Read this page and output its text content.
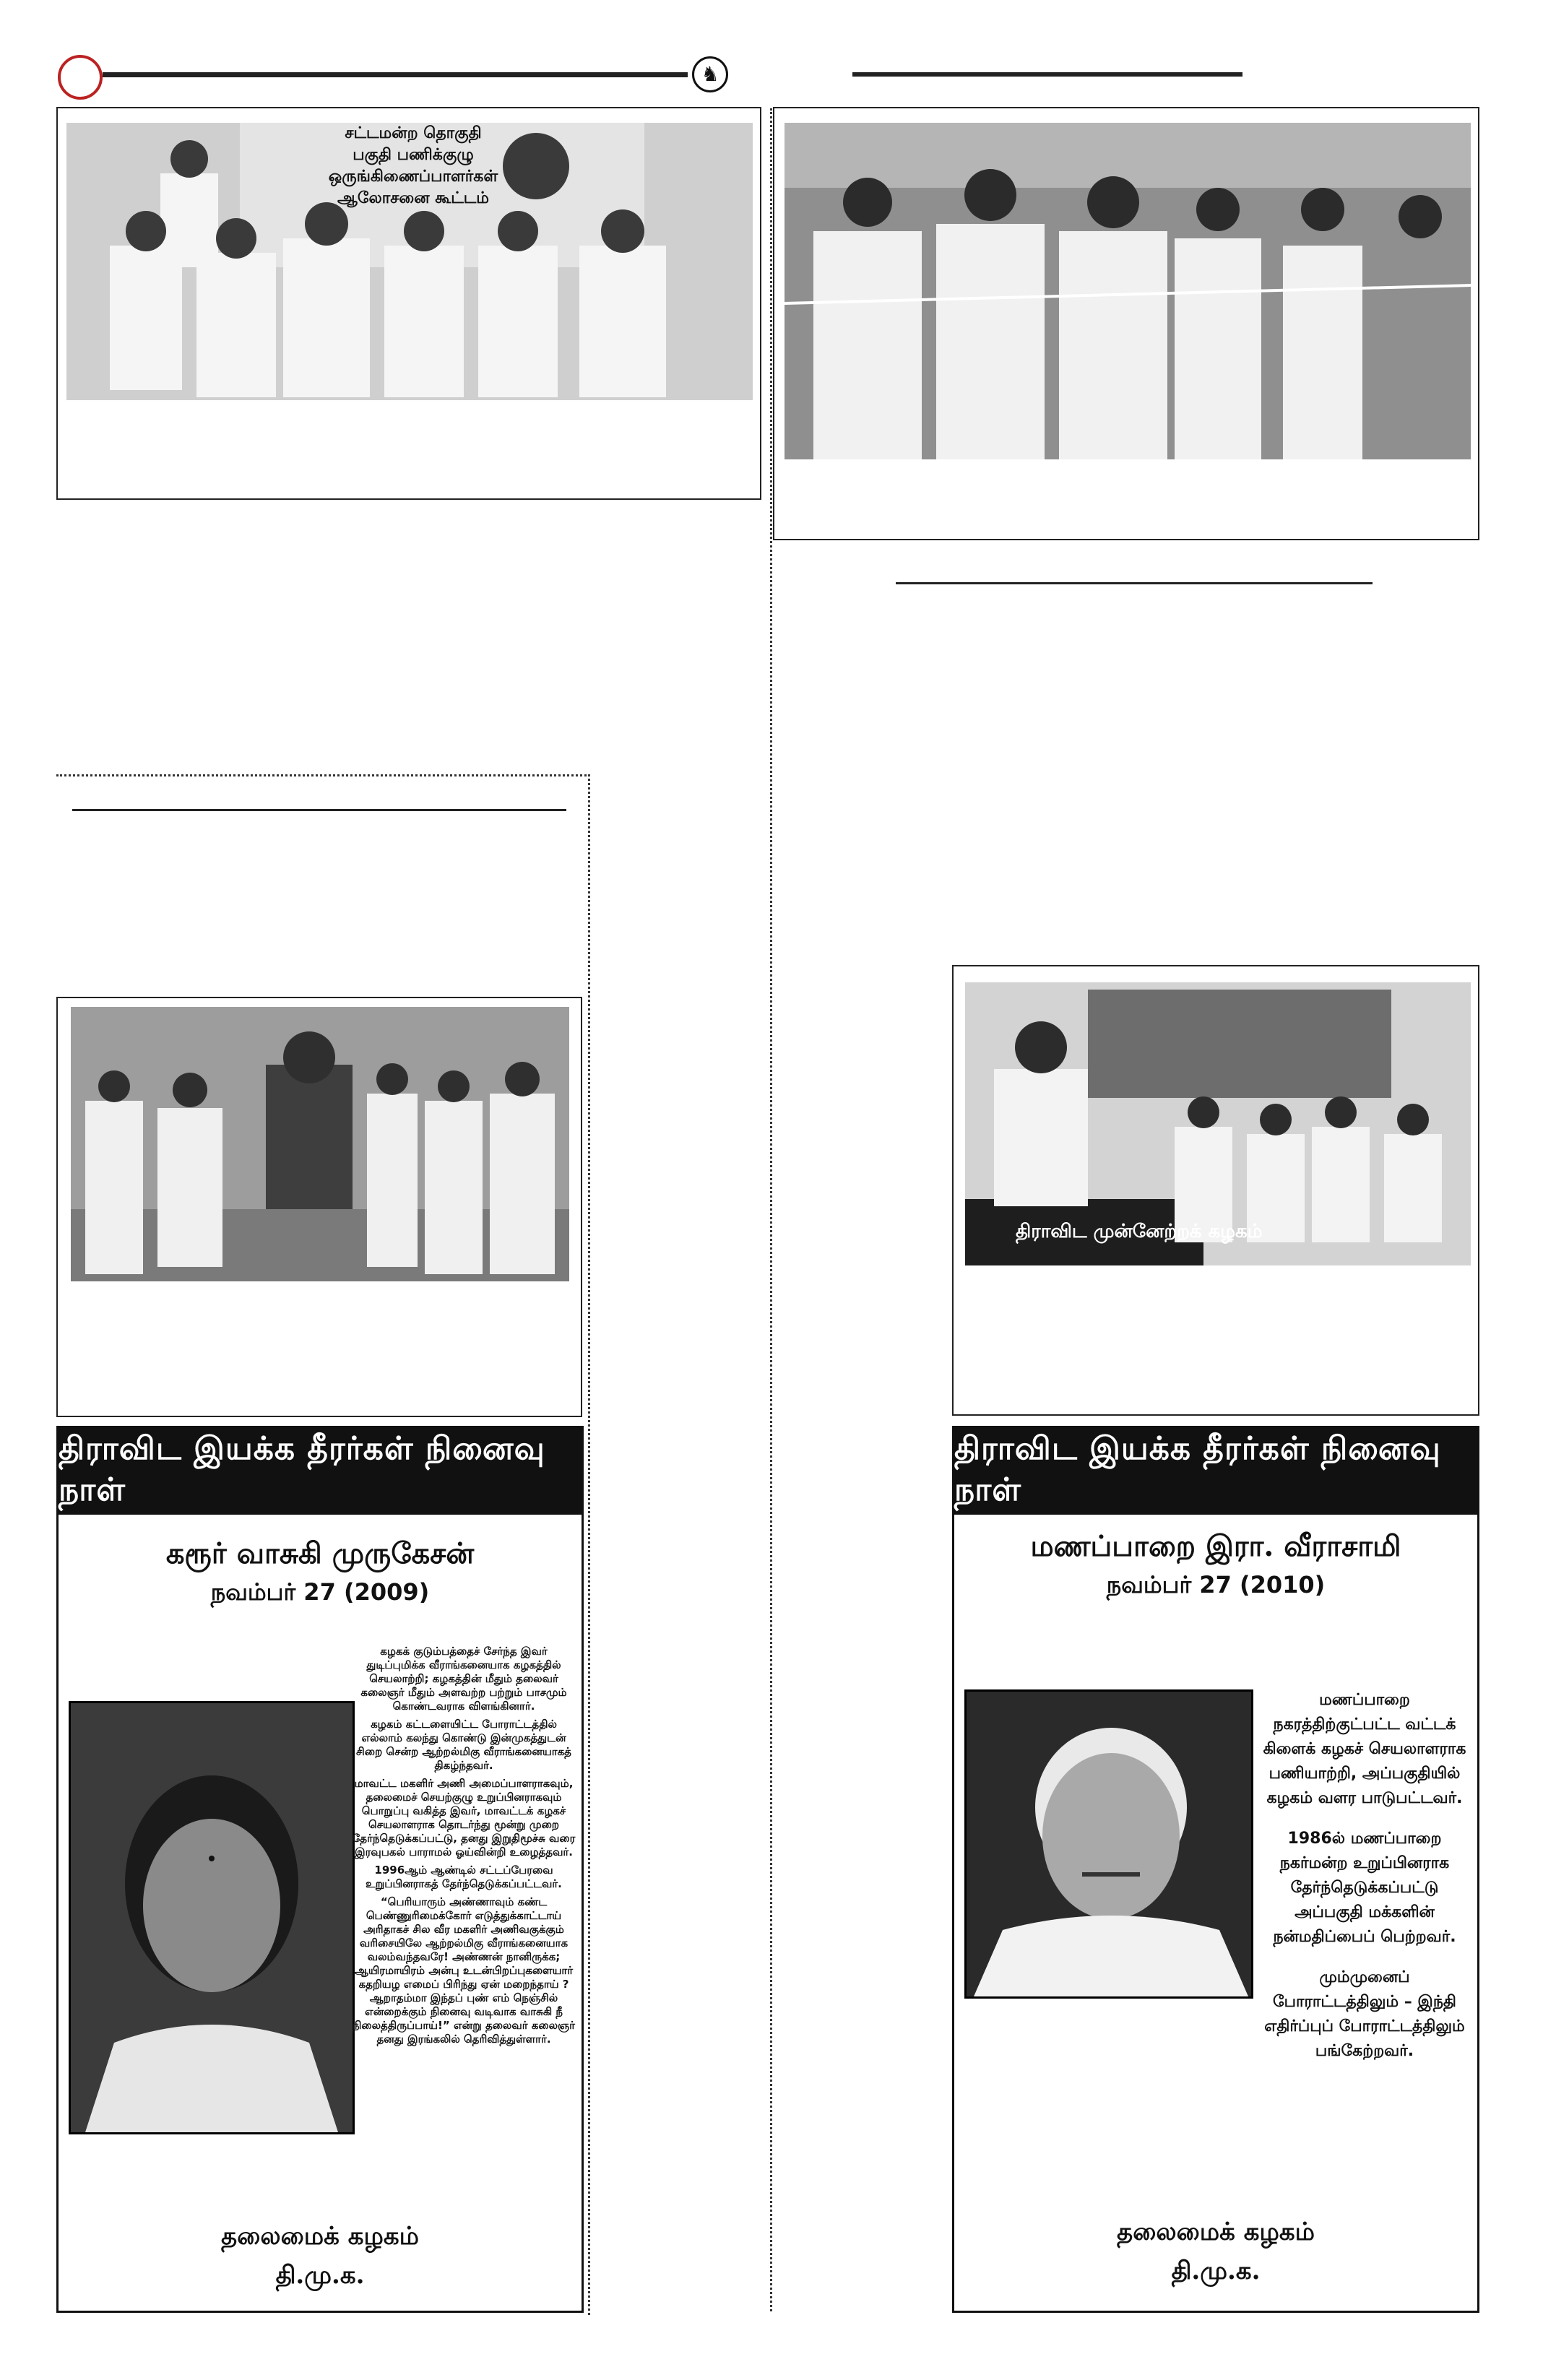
♞
சட்டமன்ற தொகுதி
பகுதி பணிக்குழு
ஒருங்கிணைப்பாளர்கள்
ஆலோசனை கூட்டம்
திராவிட முன்னேற்றக் கழகம்
திராவிட இயக்க தீரர்கள் நினைவு நாள்
கரூர் வாசுகி முருகேசன்
நவம்பர் 27 (2009)

கழகக் குடும்பத்தைச் சேர்ந்த இவர் துடிப்புமிக்க வீராங்கனையாக கழகத்தில் செயலாற்றி; கழகத்தின் மீதும் தலைவர் கலைஞர் மீதும் அளவற்ற பற்றும் பாசமும் கொண்டவராக விளங்கினார்.

கழகம் கட்டளையிட்ட போராட்டத்தில் எல்லாம் கலந்து கொண்டு இன்முகத்துடன் சிறை சென்ற ஆற்றல்மிகு வீராங்கனையாகத் திகழ்ந்தவர்.

மாவட்ட மகளிர் அணி அமைப்பாளராகவும், தலைமைச் செயற்குழு உறுப்பினராகவும் பொறுப்பு வகித்த இவர், மாவட்டக் கழகச் செயலாளராக தொடர்ந்து மூன்று முறை தேர்ந்தெடுக்கப்பட்டு, தனது இறுதிமூச்சு வரை இரவுபகல் பாராமல் ஓய்வின்றி உழைத்தவர்.

1996ஆம் ஆண்டில் சட்டப்பேரவை உறுப்பினராகத் தேர்ந்தெடுக்கப்பட்டவர்.

“பெரியாரும் அண்ணாவும் கண்ட பெண்ணுரிமைக்கோர் எடுத்துக்காட்டாய் அரிதாகச் சில வீர மகளிர் அணிவகுக்கும் வரிசையிலே ஆற்றல்மிகு வீராங்கனையாக வலம்வந்தவரே! அண்ணன் நானிருக்க; ஆயிரமாயிரம் அன்பு உடன்பிறப்புகளையார் கதறியழ எமைப் பிரிந்து ஏன் மறைந்தாய் ? ஆறாதம்மா இந்தப் புண் எம் நெஞ்சில் என்றைக்கும் நினைவு வடிவாக வாசுகி நீ நிலைத்திருப்பாய்!” என்று தலைவர் கலைஞர் தனது இரங்கலில் தெரிவித்துள்ளார்.

தலைமைக் கழகம்
தி.மு.க.
திராவிட இயக்க தீரர்கள் நினைவு நாள்
மணப்பாறை இரா. வீராசாமி
நவம்பர் 27 (2010)

மணப்பாறை நகரத்திற்குட்பட்ட வட்டக் கிளைக் கழகச் செயலாளராக பணியாற்றி, அப்பகுதியில் கழகம் வளர பாடுபட்டவர்.

1986ல் மணப்பாறை நகர்மன்ற உறுப்பினராக தேர்ந்தெடுக்கப்பட்டு அப்பகுதி மக்களின் நன்மதிப்பைப் பெற்றவர்.

மும்முனைப் போராட்டத்திலும் – இந்தி எதிர்ப்புப் போராட்டத்திலும் பங்கேற்றவர்.

தலைமைக் கழகம்
தி.மு.க.
